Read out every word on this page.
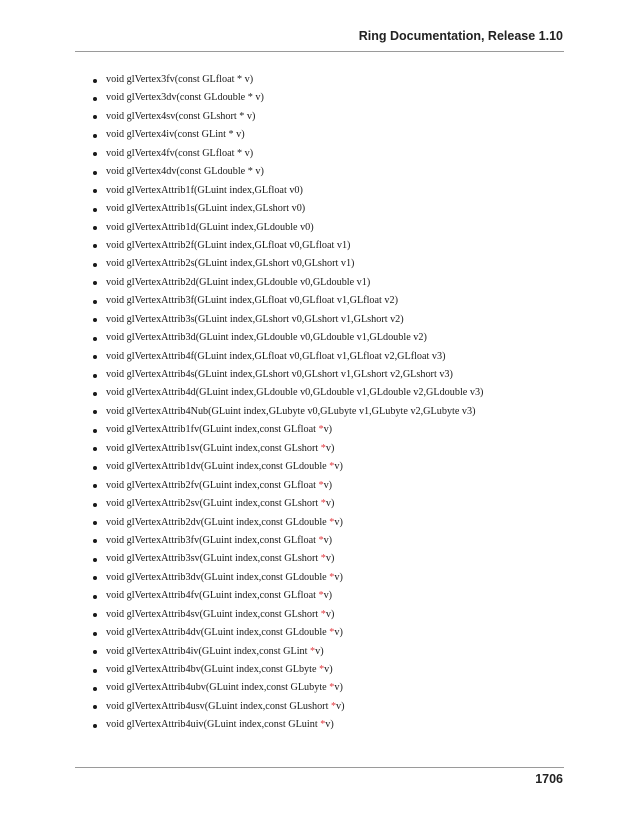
Ring Documentation, Release 1.10
void glVertex3fv(const GLfloat * v)
void glVertex3dv(const GLdouble * v)
void glVertex4sv(const GLshort * v)
void glVertex4iv(const GLint * v)
void glVertex4fv(const GLfloat * v)
void glVertex4dv(const GLdouble * v)
void glVertexAttrib1f(GLuint index,GLfloat v0)
void glVertexAttrib1s(GLuint index,GLshort v0)
void glVertexAttrib1d(GLuint index,GLdouble v0)
void glVertexAttrib2f(GLuint index,GLfloat v0,GLfloat v1)
void glVertexAttrib2s(GLuint index,GLshort v0,GLshort v1)
void glVertexAttrib2d(GLuint index,GLdouble v0,GLdouble v1)
void glVertexAttrib3f(GLuint index,GLfloat v0,GLfloat v1,GLfloat v2)
void glVertexAttrib3s(GLuint index,GLshort v0,GLshort v1,GLshort v2)
void glVertexAttrib3d(GLuint index,GLdouble v0,GLdouble v1,GLdouble v2)
void glVertexAttrib4f(GLuint index,GLfloat v0,GLfloat v1,GLfloat v2,GLfloat v3)
void glVertexAttrib4s(GLuint index,GLshort v0,GLshort v1,GLshort v2,GLshort v3)
void glVertexAttrib4d(GLuint index,GLdouble v0,GLdouble v1,GLdouble v2,GLdouble v3)
void glVertexAttrib4Nub(GLuint index,GLubyte v0,GLubyte v1,GLubyte v2,GLubyte v3)
void glVertexAttrib1fv(GLuint index,const GLfloat *v)
void glVertexAttrib1sv(GLuint index,const GLshort *v)
void glVertexAttrib1dv(GLuint index,const GLdouble *v)
void glVertexAttrib2fv(GLuint index,const GLfloat *v)
void glVertexAttrib2sv(GLuint index,const GLshort *v)
void glVertexAttrib2dv(GLuint index,const GLdouble *v)
void glVertexAttrib3fv(GLuint index,const GLfloat *v)
void glVertexAttrib3sv(GLuint index,const GLshort *v)
void glVertexAttrib3dv(GLuint index,const GLdouble *v)
void glVertexAttrib4fv(GLuint index,const GLfloat *v)
void glVertexAttrib4sv(GLuint index,const GLshort *v)
void glVertexAttrib4dv(GLuint index,const GLdouble *v)
void glVertexAttrib4iv(GLuint index,const GLint *v)
void glVertexAttrib4bv(GLuint index,const GLbyte *v)
void glVertexAttrib4ubv(GLuint index,const GLubyte *v)
void glVertexAttrib4usv(GLuint index,const GLushort *v)
void glVertexAttrib4uiv(GLuint index,const GLuint *v)
1706
